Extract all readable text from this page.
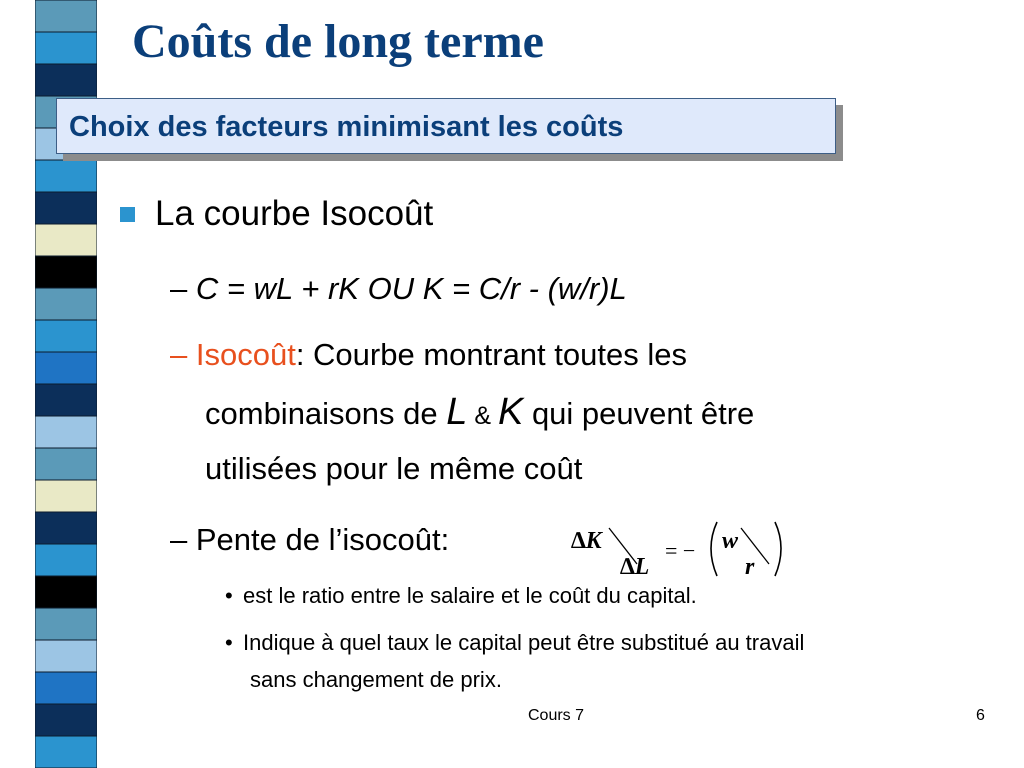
Coûts de long terme
Choix des facteurs minimisant les coûts
La courbe Isocoût
– C = wL + rK OU K = C/r - (w/r)L
– Isocoût: Courbe montrant toutes les
combinaisons de L & K qui peuvent être
utilisées pour le même coût
– Pente de l’isocoût:	∆K
∆L
= − w
r
• est le ratio entre le salaire et le coût du capital.
• Indique à quel taux le capital peut être substitué au travail
sans changement de prix.
Cours 7	6
